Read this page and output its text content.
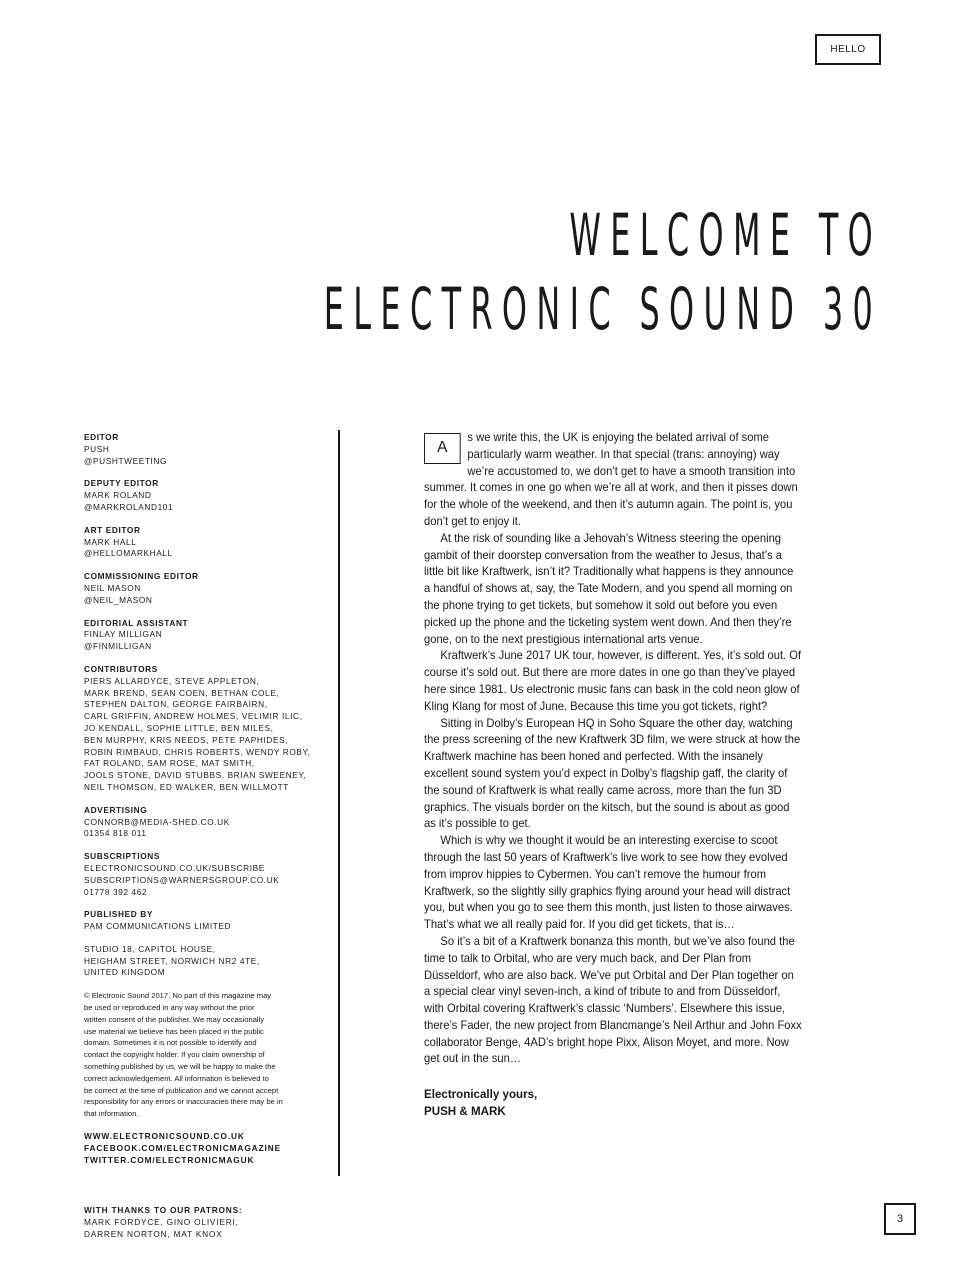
HELLO
WELCOME TO
ELECTRONIC SOUND 30
EDITOR
PUSH
@PUSHTWEETING
DEPUTY EDITOR
MARK ROLAND
@MARKROLAND101
ART EDITOR
MARK HALL
@HELLOMARKHALL
COMMISSIONING EDITOR
NEIL MASON
@NEIL_MASON
EDITORIAL ASSISTANT
FINLAY MILLIGAN
@FINMILLIGAN
CONTRIBUTORS
PIERS ALLARDYCE, STEVE APPLETON,
MARK BREND, SEAN COEN, BETHAN COLE,
STEPHEN DALTON, GEORGE FAIRBAIRN,
CARL GRIFFIN, ANDREW HOLMES, VELIMIR ILIC,
JO KENDALL, SOPHIE LITTLE, BEN MILES,
BEN MURPHY, KRIS NEEDS, PETE PAPHIDES,
ROBIN RIMBAUD, CHRIS ROBERTS, WENDY ROBY,
FAT ROLAND, SAM ROSE, MAT SMITH,
JOOLS STONE, DAVID STUBBS, BRIAN SWEENEY,
NEIL THOMSON, ED WALKER, BEN WILLMOTT
ADVERTISING
CONNORB@MEDIA-SHED.CO.UK
01354 818 011
SUBSCRIPTIONS
ELECTRONICSOUND.CO.UK/SUBSCRIBE
SUBSCRIPTIONS@WARNERSGROUP.CO.UK
01778 392 462
PUBLISHED BY
PAM COMMUNICATIONS LIMITED
STUDIO 18, CAPITOL HOUSE,
HEIGHAM STREET, NORWICH NR2 4TE,
UNITED KINGDOM
© Electronic Sound 2017. No part of this magazine may
be used or reproduced in any way without the prior
written consent of the publisher. We may occasionally
use material we believe has been placed in the public
domain. Sometimes it is not possible to identify and
contact the copyright holder. If you claim ownership of
something published by us, we will be happy to make the
correct acknowledgement. All information is believed to
be correct at the time of publication and we cannot accept
responsibility for any errors or inaccuracies there may be in
that information.
WWW.ELECTRONICSOUND.CO.UK
FACEBOOK.COM/ELECTRONICMAGAZINE
TWITTER.COM/ELECTRONICMAGUK

A
s we write this, the UK is enjoying the belated arrival of some particularly warm weather. In that special (trans: annoying) way we’re accustomed to, we don’t get to have a smooth transition into summer. It comes in one go when we’re all at work, and then it pisses down for the whole of the weekend, and then it’s autumn again. The point is, you don’t get to enjoy it.

At the risk of sounding like a Jehovah’s Witness steering the opening gambit of their doorstep conversation from the weather to Jesus, that’s a little bit like Kraftwerk, isn’t it? Traditionally what happens is they announce a handful of shows at, say, the Tate Modern, and you spend all morning on the phone trying to get tickets, but somehow it sold out before you even picked up the phone and the ticketing system went down. And then they’re gone, on to the next prestigious international arts venue.

Kraftwerk’s June 2017 UK tour, however, is different. Yes, it’s sold out. Of course it’s sold out. But there are more dates in one go than they’ve played here since 1981. Us electronic music fans can bask in the cold neon glow of Kling Klang for most of June. Because this time you got tickets, right?

Sitting in Dolby’s European HQ in Soho Square the other day, watching the press screening of the new Kraftwerk 3D film, we were struck at how the Kraftwerk machine has been honed and perfected. With the insanely excellent sound system you’d expect in Dolby’s flagship gaff, the clarity of the sound of Kraftwerk is what really came across, more than the fun 3D graphics. The visuals border on the kitsch, but the sound is about as good as it’s possible to get.

Which is why we thought it would be an interesting exercise to scoot through the last 50 years of Kraftwerk’s live work to see how they evolved from improv hippies to Cybermen. You can’t remove the humour from Kraftwerk, so the slightly silly graphics flying around your head will distract you, but when you go to see them this month, just listen to those airwaves. That’s what we all really paid for. If you did get tickets, that is…

So it’s a bit of a Kraftwerk bonanza this month, but we’ve also found the time to talk to Orbital, who are very much back, and Der Plan from Düsseldorf, who are also back. We’ve put Orbital and Der Plan together on a special clear vinyl seven-inch, a kind of tribute to and from Düsseldorf, with Orbital covering Kraftwerk’s classic ‘Numbers’. Elsewhere this issue, there’s Fader, the new project from Blancmange’s Neil Arthur and John Foxx collaborator Benge, 4AD’s bright hope Pixx, Alison Moyet, and more. Now get out in the sun…

Electronically yours,
PUSH & MARK
WITH THANKS TO OUR PATRONS:
MARK FORDYCE, GINO OLIVIERI,
DARREN NORTON, MAT KNOX
3
